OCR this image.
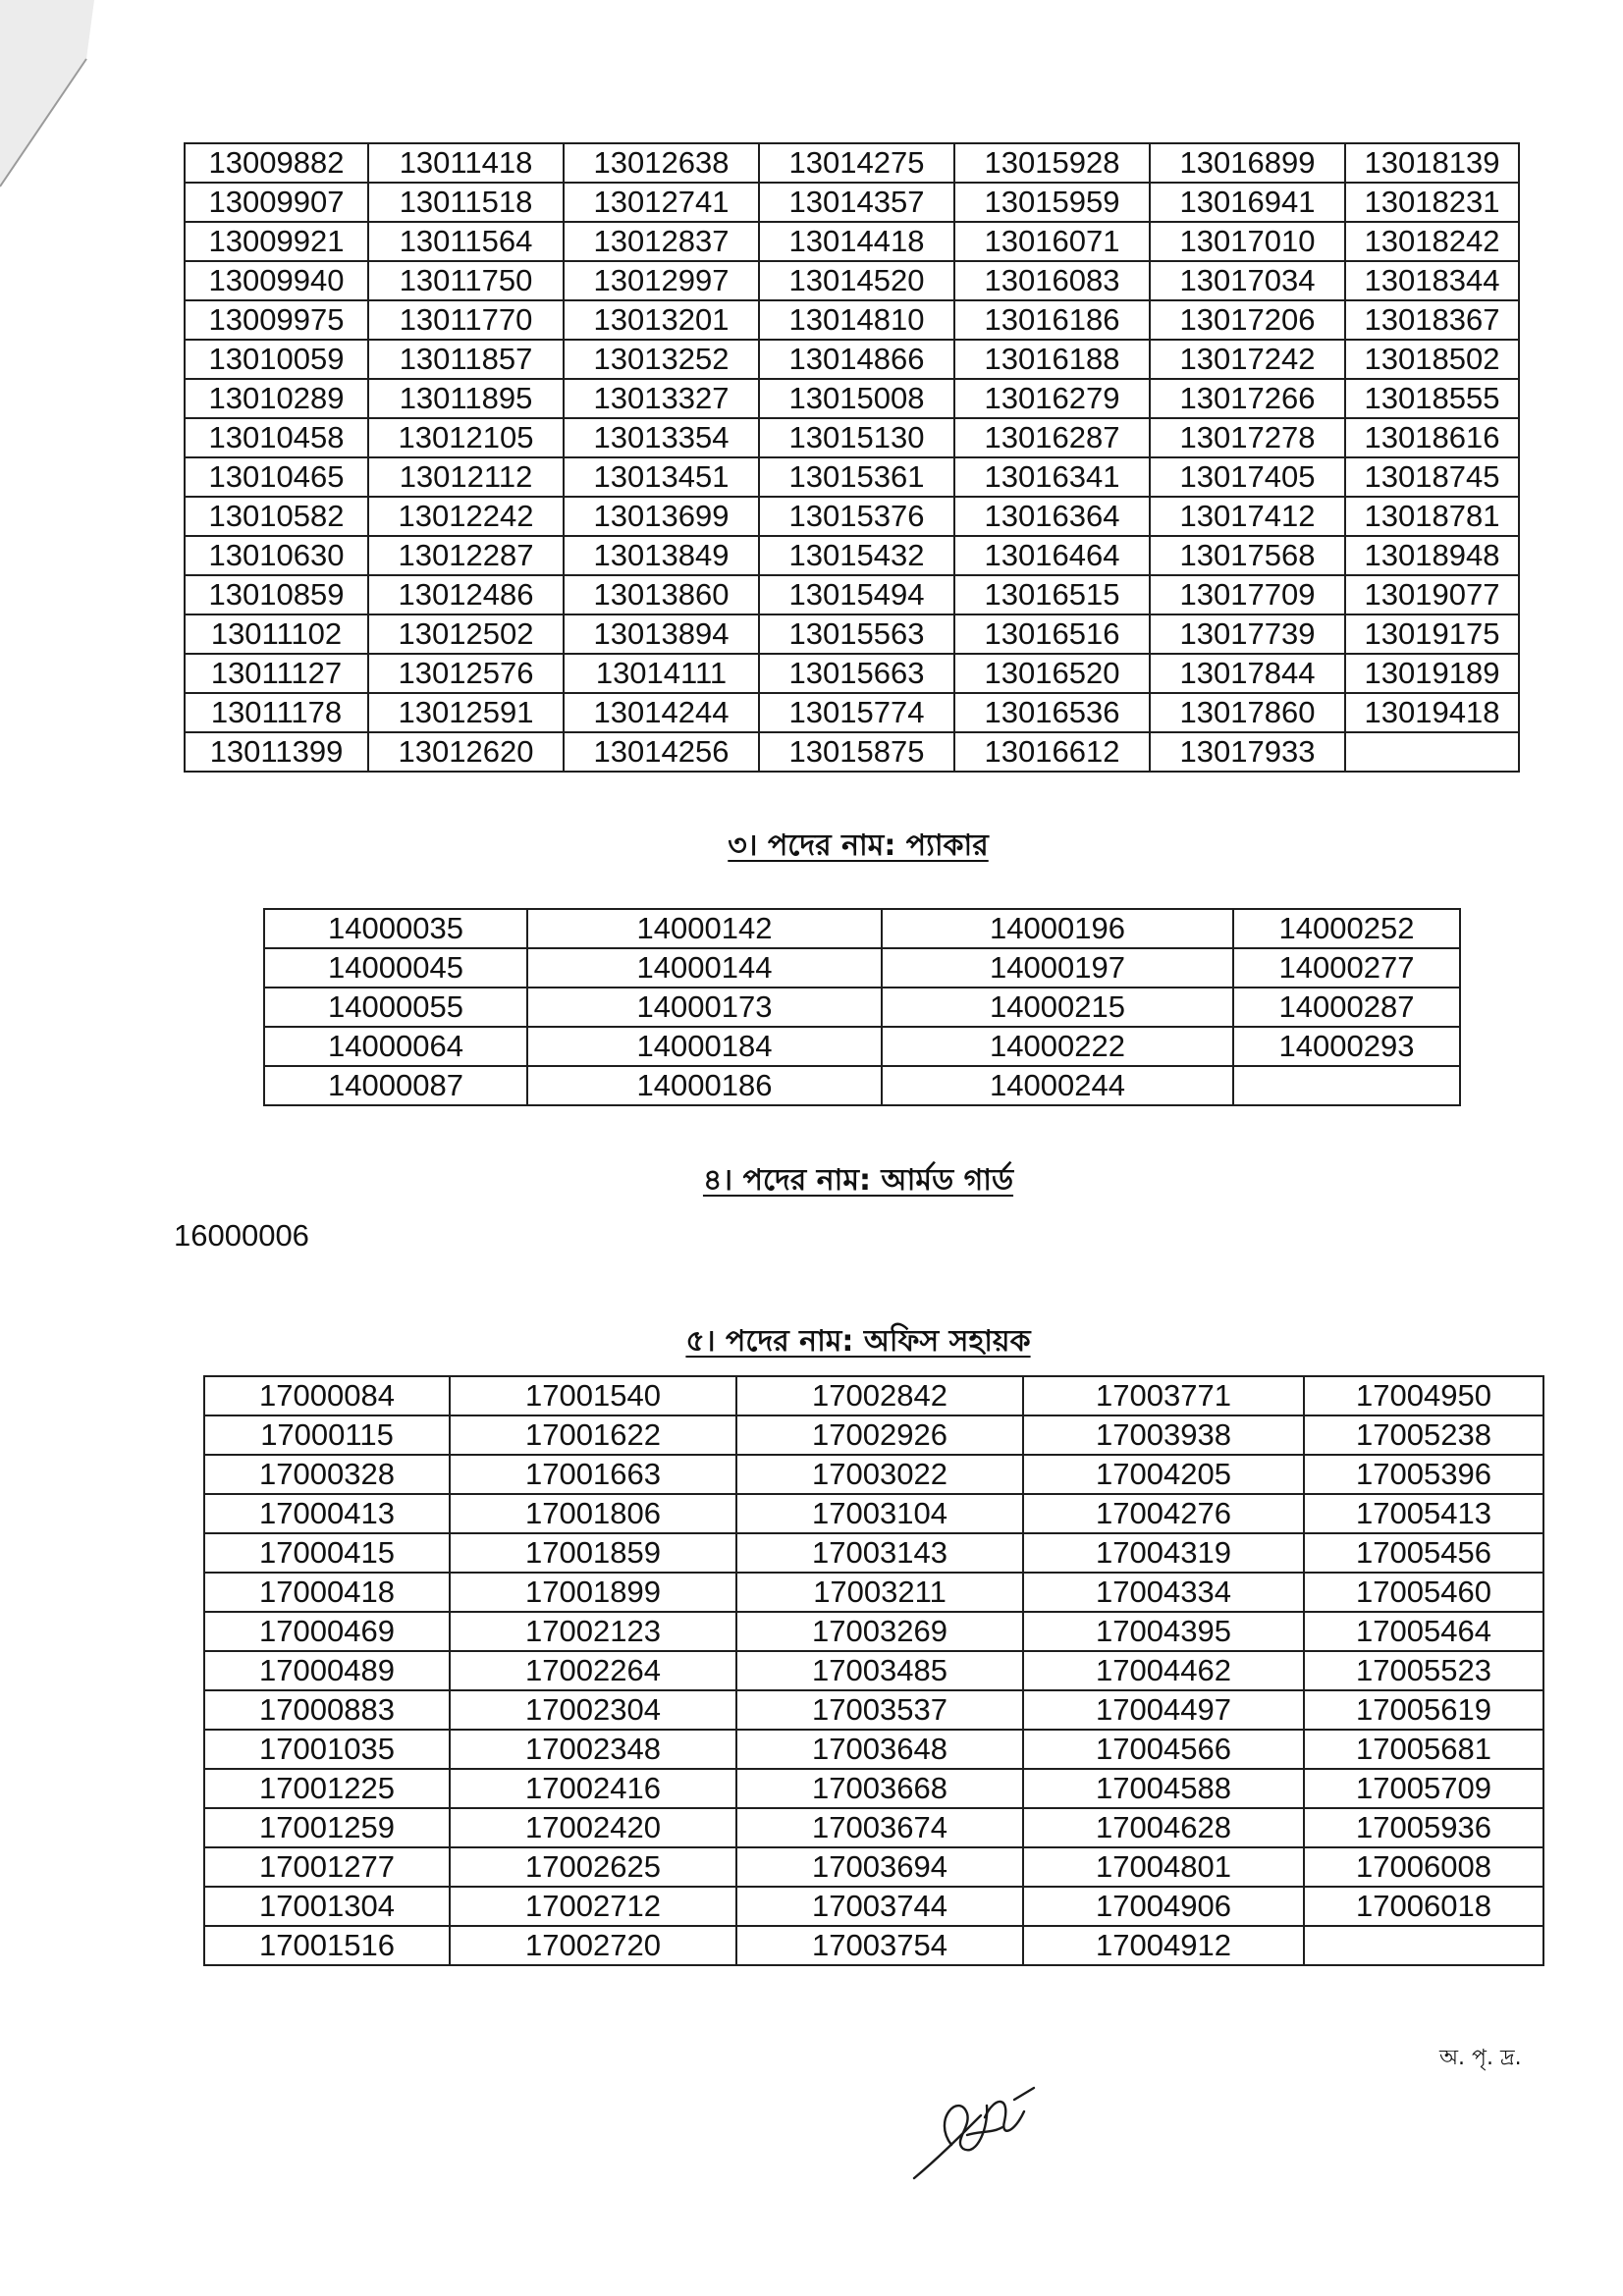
13009882	13011418	13012638	13014275	13015928	13016899	13018139
13009907	13011518	13012741	13014357	13015959	13016941	13018231
13009921	13011564	13012837	13014418	13016071	13017010	13018242
13009940	13011750	13012997	13014520	13016083	13017034	13018344
13009975	13011770	13013201	13014810	13016186	13017206	13018367
13010059	13011857	13013252	13014866	13016188	13017242	13018502
13010289	13011895	13013327	13015008	13016279	13017266	13018555
13010458	13012105	13013354	13015130	13016287	13017278	13018616
13010465	13012112	13013451	13015361	13016341	13017405	13018745
13010582	13012242	13013699	13015376	13016364	13017412	13018781
13010630	13012287	13013849	13015432	13016464	13017568	13018948
13010859	13012486	13013860	13015494	13016515	13017709	13019077
13011102	13012502	13013894	13015563	13016516	13017739	13019175
13011127	13012576	13014111	13015663	13016520	13017844	13019189
13011178	13012591	13014244	13015774	13016536	13017860	13019418
13011399	13012620	13014256	13015875	13016612	13017933	
৩। পদের নাম: প্যাকার
14000035	14000142	14000196	14000252
14000045	14000144	14000197	14000277
14000055	14000173	14000215	14000287
14000064	14000184	14000222	14000293
14000087	14000186	14000244	
৪। পদের নাম: আর্মড গার্ড
16000006
৫। পদের নাম: অফিস সহায়ক
17000084	17001540	17002842	17003771	17004950
17000115	17001622	17002926	17003938	17005238
17000328	17001663	17003022	17004205	17005396
17000413	17001806	17003104	17004276	17005413
17000415	17001859	17003143	17004319	17005456
17000418	17001899	17003211	17004334	17005460
17000469	17002123	17003269	17004395	17005464
17000489	17002264	17003485	17004462	17005523
17000883	17002304	17003537	17004497	17005619
17001035	17002348	17003648	17004566	17005681
17001225	17002416	17003668	17004588	17005709
17001259	17002420	17003674	17004628	17005936
17001277	17002625	17003694	17004801	17006008
17001304	17002712	17003744	17004906	17006018
17001516	17002720	17003754	17004912	
অ. পৃ. দ্র.
